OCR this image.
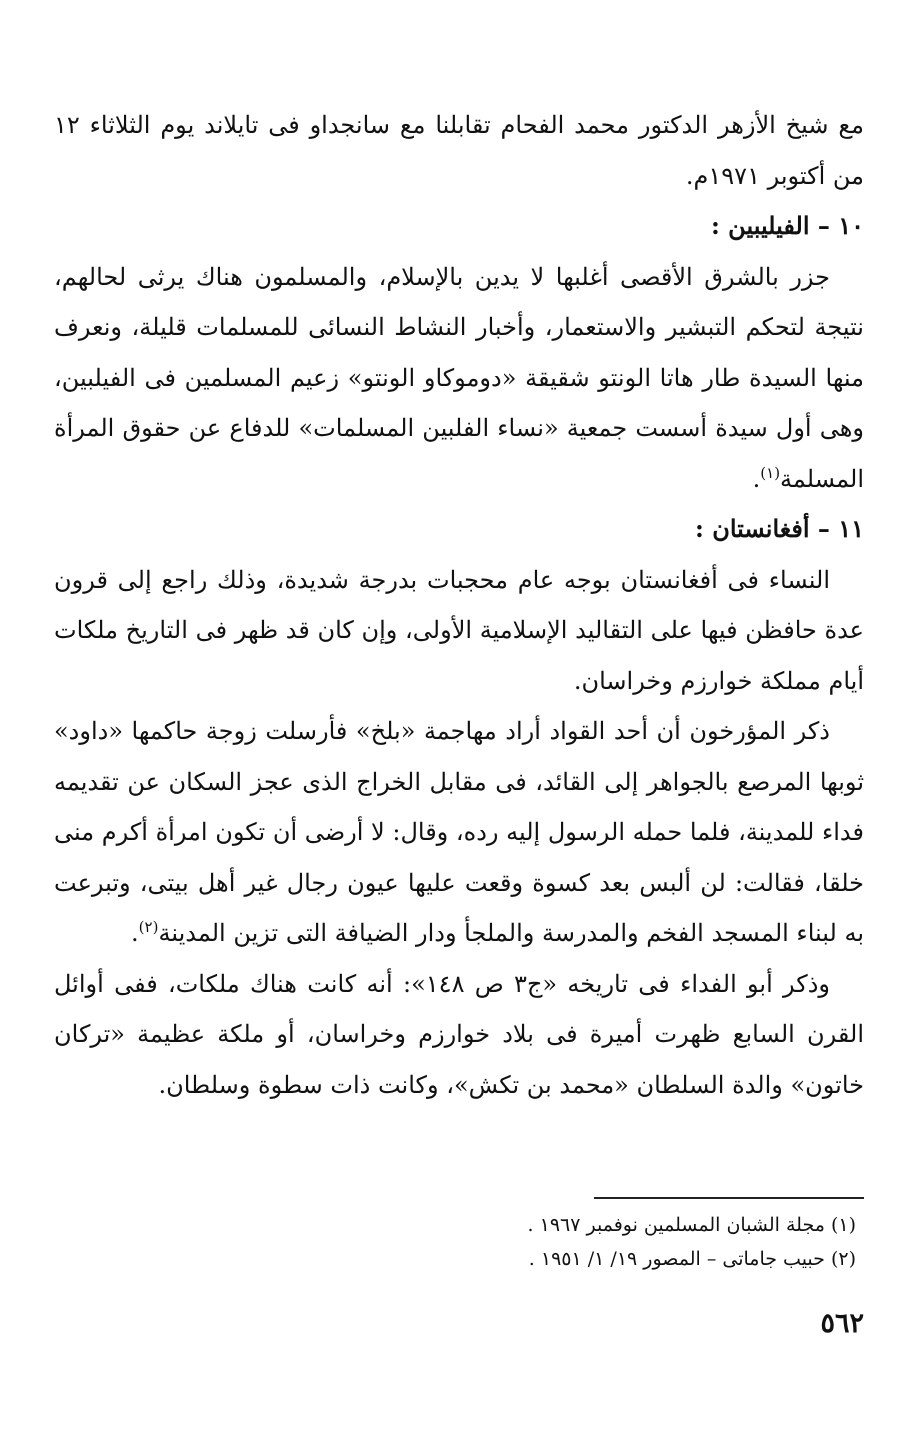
مع شيخ الأزهر الدكتور محمد الفحام تقابلنا مع سانجداو فى تايلاند يوم الثلاثاء ١٢ من أكتوبر ١٩٧١م.

١٠ – الفيليبين :

جزر بالشرق الأقصى أغلبها لا يدين بالإسلام، والمسلمون هناك يرثى لحالهم، نتيجة لتحكم التبشير والاستعمار، وأخبار النشاط النسائى للمسلمات قليلة، ونعرف منها السيدة طار هاتا الونتو شقيقة «دوموكاو الونتو» زعيم المسلمين فى الفيلبين، وهى أول سيدة أسست جمعية «نساء الفلبين المسلمات» للدفاع عن حقوق المرأة المسلمة$^{(١)}$.

١١ – أفغانستان :

النساء فى أفغانستان بوجه عام محجبات بدرجة شديدة، وذلك راجع إلى قرون عدة حافظن فيها على التقاليد الإسلامية الأولى، وإن كان قد ظهر فى التاريخ ملكات أيام مملكة خوارزم وخراسان.

ذكر المؤرخون أن أحد القواد أراد مهاجمة «بلخ» فأرسلت زوجة حاكمها «داود» ثوبها المرصع بالجواهر إلى القائد، فى مقابل الخراج الذى عجز السكان عن تقديمه فداء للمدينة، فلما حمله الرسول إليه رده، وقال: لا أرضى أن تكون امرأة أكرم منى خلقا، فقالت: لن ألبس بعد كسوة وقعت عليها عيون رجال غير أهل بيتى، وتبرعت به لبناء المسجد الفخم والمدرسة والملجأ ودار الضيافة التى تزين المدينة$^{(٢)}$.

وذكر أبو الفداء فى تاريخه «ج٣ ص ١٤٨»: أنه كانت هناك ملكات، ففى أوائل القرن السابع ظهرت أميرة فى بلاد خوارزم وخراسان، أو ملكة عظيمة «تركان خاتون» والدة السلطان «محمد بن تكش»، وكانت ذات سطوة وسلطان.

(١) مجلة الشبان المسلمين نوفمبر ١٩٦٧ .

(٢) حبيب جاماتى – المصور ١٩/ ١/ ١٩٥١ .

٥٦٢
